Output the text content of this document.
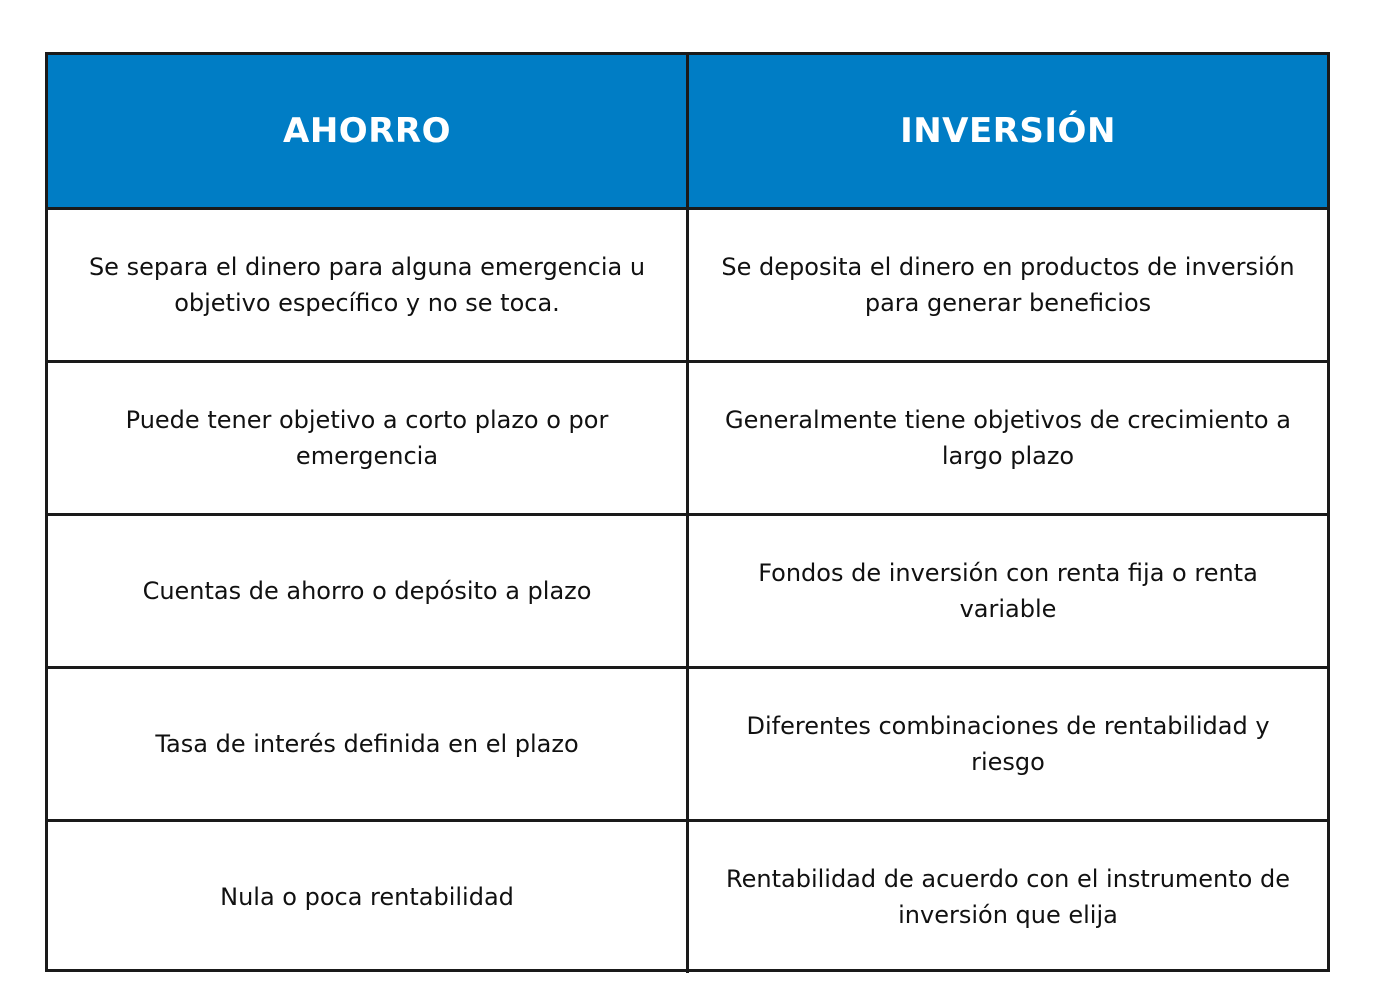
AHORRO	INVERSIÓN
Se separa el dinero para alguna emergencia u objetivo específico y no se toca.	Se deposita el dinero en productos de inversión para generar beneficios
Puede tener objetivo a corto plazo o por emergencia	Generalmente tiene objetivos de crecimiento a largo plazo
Cuentas de ahorro o depósito a plazo	Fondos de inversión con renta fija o renta variable
Tasa de interés definida en el plazo	Diferentes combinaciones de rentabilidad y riesgo
Nula o poca rentabilidad	Rentabilidad de acuerdo con el instrumento de inversión que elija
